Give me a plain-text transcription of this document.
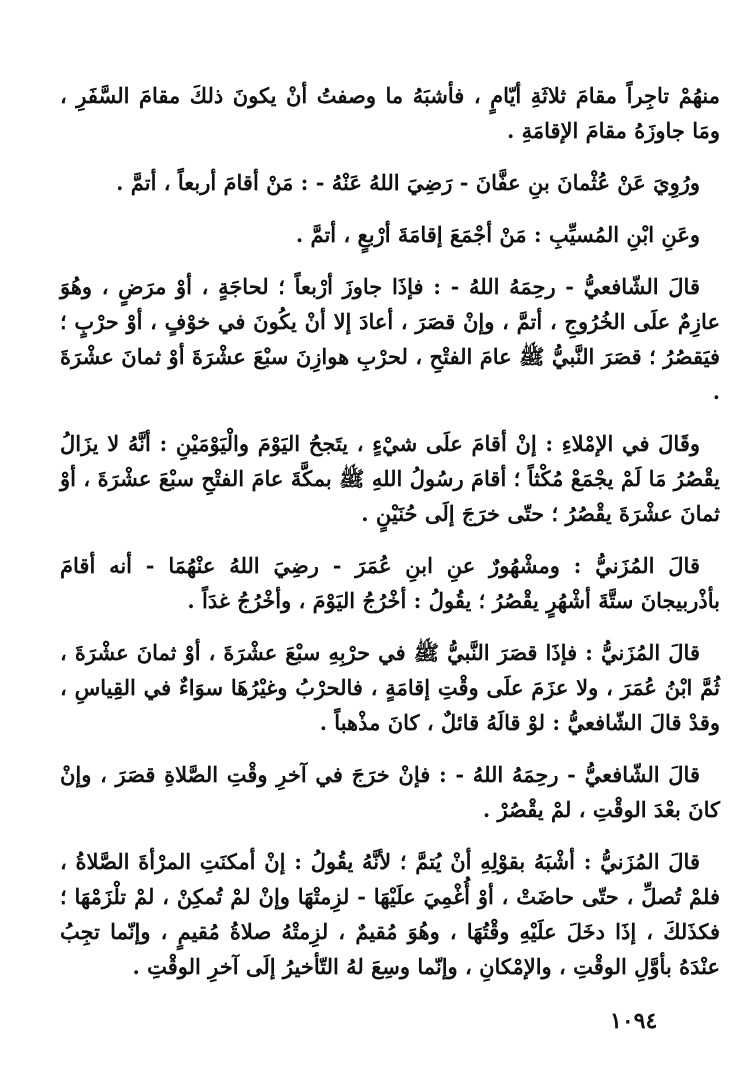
منهُمْ تاجِراً مقامَ ثلاثَةِ أيّامٍ ، فأشبَهُ ما وصفتُ أنْ يكونَ ذلكَ مقامَ السَّفَرِ ، ومَا جاوزَهُ مقامَ الإقامَةِ .

ورُوِيَ عَنْ عُثْمانَ بنِ عفَّانَ - رَضِيَ اللهُ عَنْهُ - : مَنْ أقامَ أربعاً ، أتمَّ .

وعَنِ ابْنِ المُسيِّبِ : مَنْ أجْمَعَ إقامَةَ أرْبعٍ ، أتمَّ .

قالَ الشّافعيُّ - رحِمَهُ اللهُ - : فإذَا جاوزَ أرْبعاً ؛ لحاجَةٍ ، أوْ مرَضٍ ، وهُوَ عازِمٌ علَى الخُرُوجِ ، أتمَّ ، وإنْ قصَرَ ، أعادَ إلا أنْ يكُونَ في خوْفٍ ، أوْ حرْبٍ ؛ فيَقصُرُ ؛ قصَرَ النَّبيُّ ﷺ عامَ الفتْحِ ، لحرْبِ هوازِنَ سبْعَ عشْرَةَ أوْ ثمانَ عشْرَةَ .

وقَالَ في الإمْلاءِ : إنْ أقامَ علَى شيْءٍ ، يتَجحُ اليَوْمَ والْيَوْمَيْنِ : أنَّهُ لا يزَالُ يقْصُرُ مَا لَمْ يجْمَعْ مُكْثاً ؛ أقامَ رسُولُ اللهِ ﷺ بمكَّةَ عامَ الفتْحِ سبْعَ عشْرَةَ ، أوْ ثمانَ عشْرَةَ يقْصُرُ ؛ حتّى خرَجَ إلَى حُنَيْنٍ .

قالَ المُزَنيُّ : ومشْهُورٌ عنِ ابنِ عُمَرَ - رضِيَ اللهُ عنْهُمَا - أنه أقامَ بأذْربيجانَ ستَّةَ أشْهُرٍ يقْصُرُ ؛ يقُولُ : أخْرُجُ اليَوْمَ ، وأخْرُجُ غدَاً .

قالَ المُزَنيُّ : فإذَا قصَرَ النَّبيُّ ﷺ في حرْبِهِ سبْعَ عشْرَةَ ، أوْ ثمانَ عشْرَةَ ، ثُمَّ ابْنُ عُمَرَ ، ولا عزَمَ علَى وقْتِ إقامَةٍ ، فالحرْبُ وغيْرُهَا سوَاءٌ في القِياسِ ، وقدْ قالَ الشّافعيُّ : لوْ قالَهُ قائلٌ ، كانَ مذْهباً .

قالَ الشّافعيُّ - رحِمَهُ اللهُ - : فإنْ خرَجَ في آخرِ وقْتِ الصَّلاةِ قصَرَ ، وإنْ كانَ بعْدَ الوقْتِ ، لمْ يقْصُرْ .

قالَ المُزَنيُّ : أشْبَهُ بقوْلِهِ أنْ يُتمَّ ؛ لأنَّهُ يقُولُ : إنْ أمكنَتِ المرْأةَ الصَّلاةُ ، فلمْ تُصلِّ ، حتّى حاضَتْ ، أوْ أُغْمِيَ علَيْهَا - لزِمتْهَا وإنْ لمْ تُمكِنْ ، لمْ تلْزَمْهَا ؛ فكذَلكَ ، إذَا دخَلَ علَيْهِ وقْتُهَا ، وهُوَ مُقيمٌ ، لزِمتْهُ صلاةُ مُقيمٍ ، وإنّما تجِبُ عنْدَهُ بأوَّلِ الوقْتِ ، والإمْكانِ ، وإنّما وسِعَ لهُ التّأخيرُ إلَى آخرِ الوقْتِ .

١٠٩٤
